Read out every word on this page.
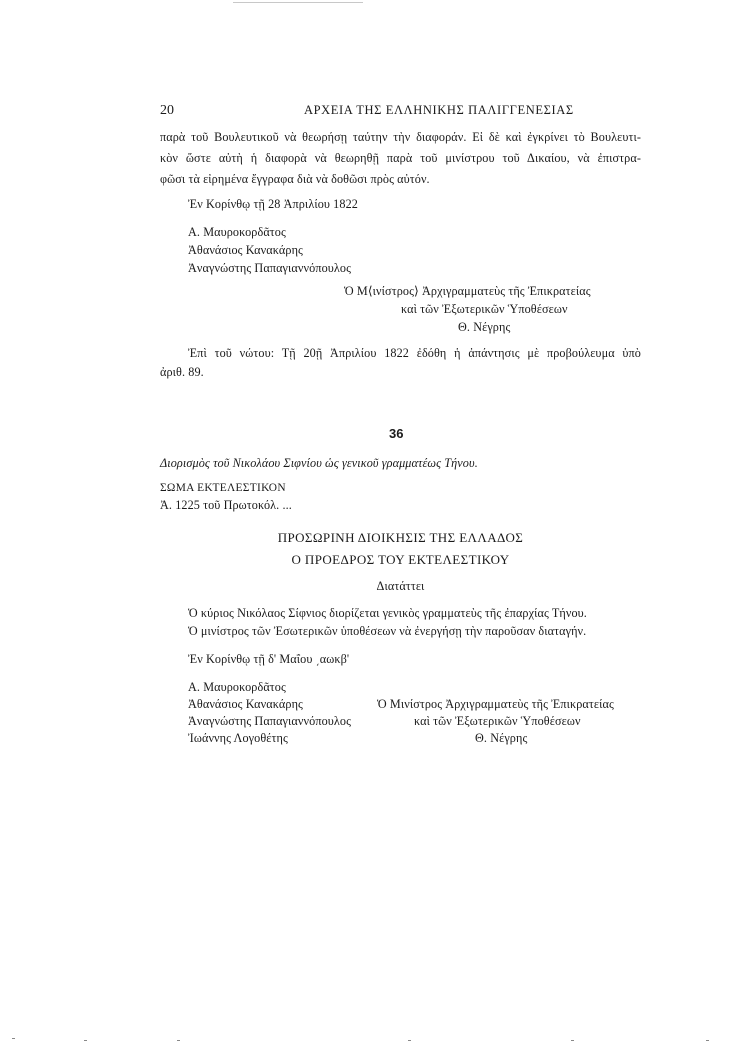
20	ΑΡΧΕΙΑ ΤΗΣ ΕΛΛΗΝΙΚΗΣ ΠΑΛΙΓΓΕΝΕΣΙΑΣ
παρὰ τοῦ Βουλευτικοῦ νὰ θεωρήσῃ ταύτην τὴν διαφοράν. Εἰ δὲ καὶ ἐγκρίνει τὸ Βουλευτι-
κὸν ὥστε αὐτὴ ἡ διαφορὰ νὰ θεωρηθῇ παρὰ τοῦ μινίστρου τοῦ Δικαίου, νὰ ἐπιστρα-
φῶσι τὰ εἰρημένα ἔγγραφα διὰ νὰ δοθῶσι πρὸς αὐτόν.
Ἐν Κορίνθῳ τῇ 28 Ἀπριλίου 1822
Α. Μαυροκορδᾶτος
Ἀθανάσιος Κανακάρης
Ἀναγνώστης Παπαγιαννόπουλος
Ὁ Μ⟨ινίστρος⟩ Ἀρχιγραμματεὺς τῆς Ἐπικρατείας
καὶ τῶν Ἐξωτερικῶν Ὑποθέσεων
Θ. Νέγρης
Ἐπὶ τοῦ νώτου: Τῇ 20ῇ Ἀπριλίου 1822 ἐδόθη ἡ ἀπάντησις μὲ προβούλευμα ὑπὸ
ἀριθ. 89.
36
Διορισμὸς τοῦ Νικολάου Σιφνίου ὡς γενικοῦ γραμματέως Τήνου.
ΣΩΜΑ ΕΚΤΕΛΕΣΤΙΚΟΝ
Ἀ. 1225 τοῦ Πρωτοκόλ. ...
ΠΡΟΣΩΡΙΝΗ ΔΙΟΙΚΗΣΙΣ ΤΗΣ ΕΛΛΑΔΟΣ
Ο ΠΡΟΕΔΡΟΣ ΤΟΥ ΕΚΤΕΛΕΣΤΙΚΟΥ
Διατάττει
Ὁ κύριος Νικόλαος Σίφνιος διορίζεται γενικὸς γραμματεὺς τῆς ἐπαρχίας Τήνου.
Ὁ μινίστρος τῶν Ἐσωτερικῶν ὑποθέσεων νὰ ἐνεργήσῃ τὴν παροῦσαν διαταγήν.
Ἐν Κορίνθῳ τῇ δ' Μαΐου ͵αωκβ'
Α. Μαυροκορδᾶτος
Ἀθανάσιος Κανακάρης
Ἀναγνώστης Παπαγιαννόπουλος
Ἰωάννης Λογοθέτης
Ὁ Μινίστρος Ἀρχιγραμματεὺς τῆς Ἐπικρατείας
καὶ τῶν Ἐξωτερικῶν Ὑποθέσεων
Θ. Νέγρης
